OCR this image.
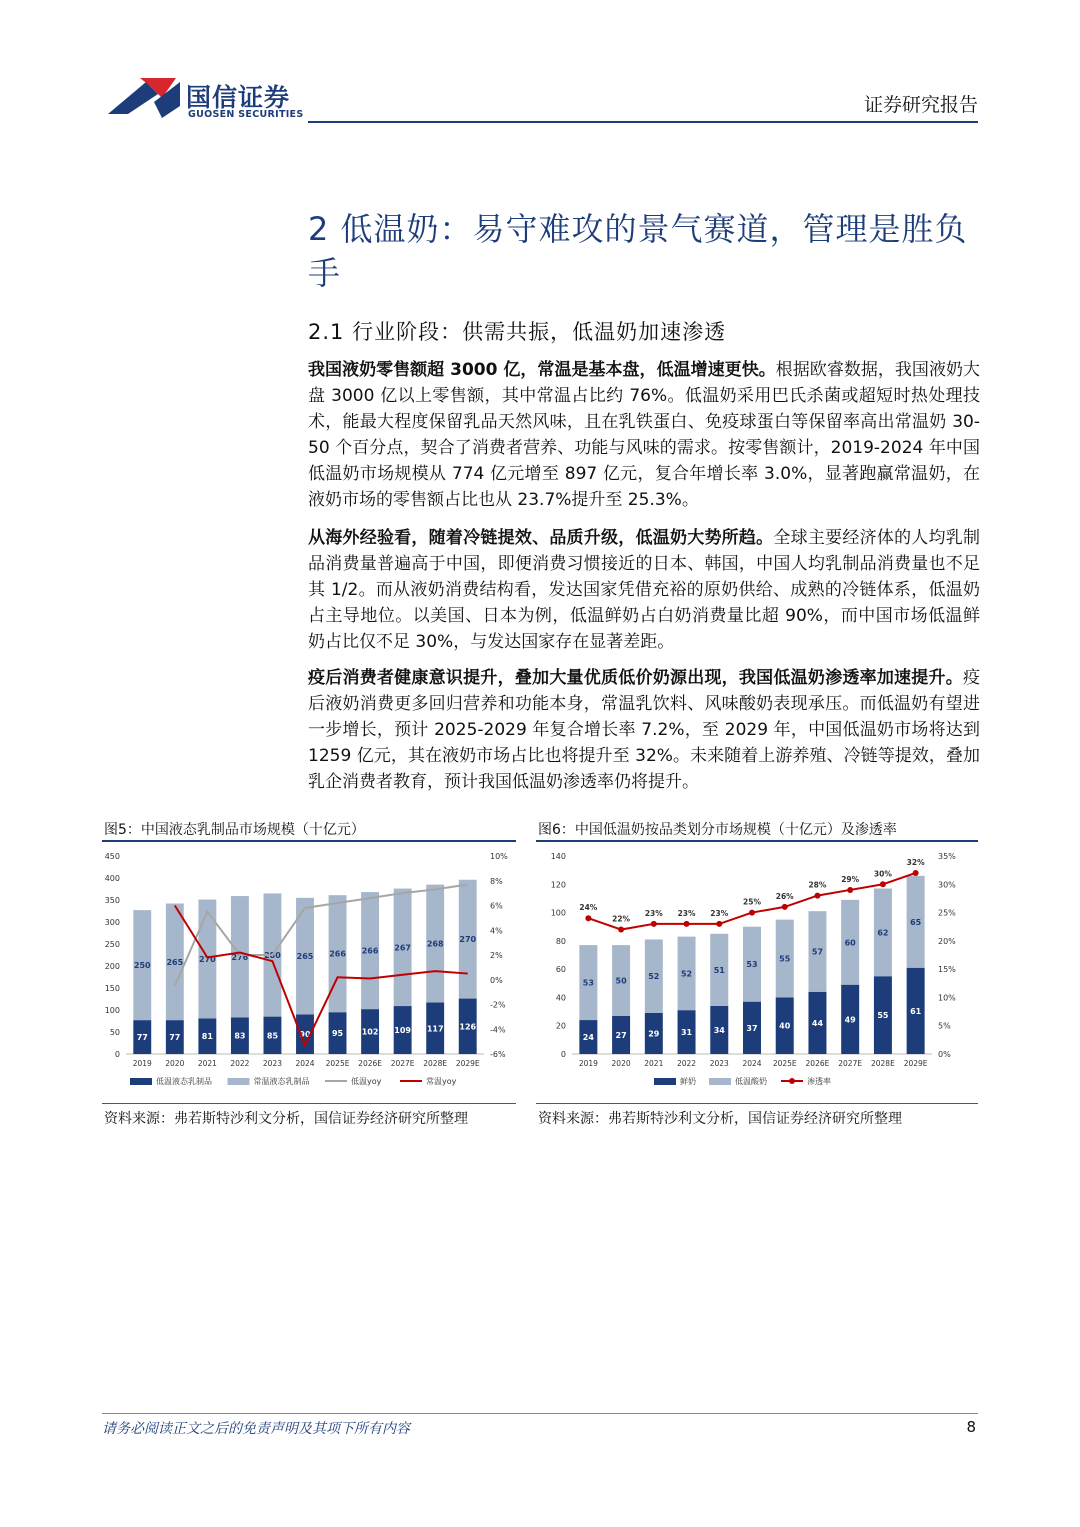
国信证券
GUOSEN SECURITIES	证券研究报告
2 低温奶：易守难攻的景气赛道，管理是胜负手
2.1 行业阶段：供需共振，低温奶加速渗透
我国液奶零售额超 3000 亿，常温是基本盘，低温增速更快。根据欧睿数据，我国液奶大盘 3000 亿以上零售额，其中常温占比约 76%。低温奶采用巴氏杀菌或超短时热处理技术，能最大程度保留乳品天然风味，且在乳铁蛋白、免疫球蛋白等保留率高出常温奶 30-50 个百分点，契合了消费者营养、功能与风味的需求。按零售额计，2019-2024 年中国低温奶市场规模从 774 亿元增至 897 亿元，复合年增长率 3.0%，显著跑赢常温奶，在液奶市场的零售额占比也从 23.7%提升至 25.3%。
从海外经验看，随着冷链提效、品质升级，低温奶大势所趋。全球主要经济体的人均乳制品消费量普遍高于中国，即便消费习惯接近的日本、韩国，中国人均乳制品消费量也不足其 1/2。而从液奶消费结构看，发达国家凭借充裕的原奶供给、成熟的冷链体系，低温奶占主导地位。以美国、日本为例，低温鲜奶占白奶消费量比超 90%，而中国市场低温鲜奶占比仅不足 30%，与发达国家存在显著差距。
疫后消费者健康意识提升，叠加大量优质低价奶源出现，我国低温奶渗透率加速提升。疫后液奶消费更多回归营养和功能本身，常温乳饮料、风味酸奶表现承压。而低温奶有望进一步增长，预计 2025-2029 年复合增长率 7.2%，至 2029 年，中国低温奶市场将达到 1259 亿元，其在液奶市场占比也将提升至 32%。未来随着上游养殖、冷链等提效，叠加乳企消费者教育，预计我国低温奶渗透率仍将提升。
图5：中国液态乳制品市场规模（十亿元）
0
50
100
150
200
250
300
350
400
450
-6%
-4%
-2%
0%
2%
4%
6%
8%
10%
77
250
2019
77
265
2020
81
270
2021
83
276
2022
85
280
2023
90
265
2024
95
266
2025E
102
266
2026E
109
267
2027E
117
268
2028E
126
270
2029E
低温液态乳制品	常温液态乳制品	低温yoy	常温yoy
资料来源：弗若斯特沙利文分析，国信证券经济研究所整理
图6：中国低温奶按品类划分市场规模（十亿元）及渗透率
0
20
40
60
80
100
120
140
0%
5%
10%
15%
20%
25%
30%
35%
24
53
2019
27
50
2020
29
52
2021
31
52
2022
34
51
2023
37
53
2024
40
55
2025E
44
57
2026E
49
60
2027E
55
62
2028E
61
65
2029E
24%
22%
23% 23% 23%
25%
26%
28%
29%
30%
32%
鲜奶	低温酸奶	渗透率
资料来源：弗若斯特沙利文分析，国信证券经济研究所整理
请务必阅读正文之后的免责声明及其项下所有内容	8
